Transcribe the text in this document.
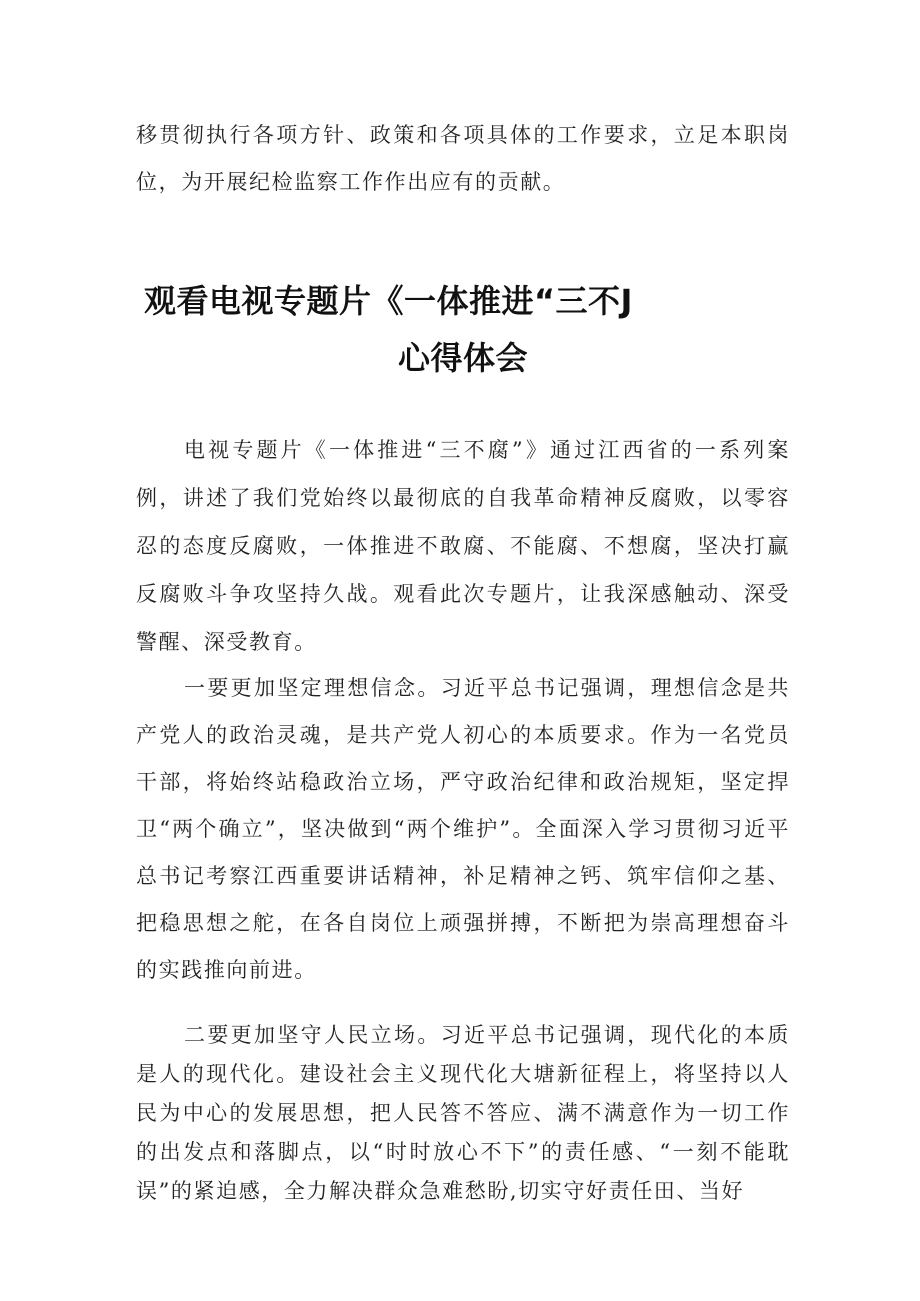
移贯彻执行各项方针、政策和各项具体的工作要求，立足本职岗位，为开展纪检监察工作作出应有的贡献。

观看电视专题片《一体推进“三不J
心得体会

电视专题片《一体推进“三不腐”》通过江西省的一系列案例，讲述了我们党始终以最彻底的自我革命精神反腐败，以零容忍的态度反腐败，一体推进不敢腐、不能腐、不想腐，坚决打赢反腐败斗争攻坚持久战。观看此次专题片，让我深感触动、深受警醒、深受教育。

一要更加坚定理想信念。习近平总书记强调，理想信念是共产党人的政治灵魂，是共产党人初心的本质要求。作为一名党员干部，将始终站稳政治立场，严守政治纪律和政治规矩，坚定捍卫“两个确立”，坚决做到“两个维护”。全面深入学习贯彻习近平总书记考察江西重要讲话精神，补足精神之钙、筑牢信仰之基、把稳思想之舵，在各自岗位上顽强拼搏，不断把为崇高理想奋斗的实践推向前进。

二要更加坚守人民立场。习近平总书记强调，现代化的本质是人的现代化。建设社会主义现代化大塘新征程上，将坚持以人民为中心的发展思想，把人民答不答应、满不满意作为一切工作的出发点和落脚点，以“时时放心不下”的责任感、“一刻不能耽误”的紧迫感，全力解决群众急难愁盼,切实守好责任田、当好
